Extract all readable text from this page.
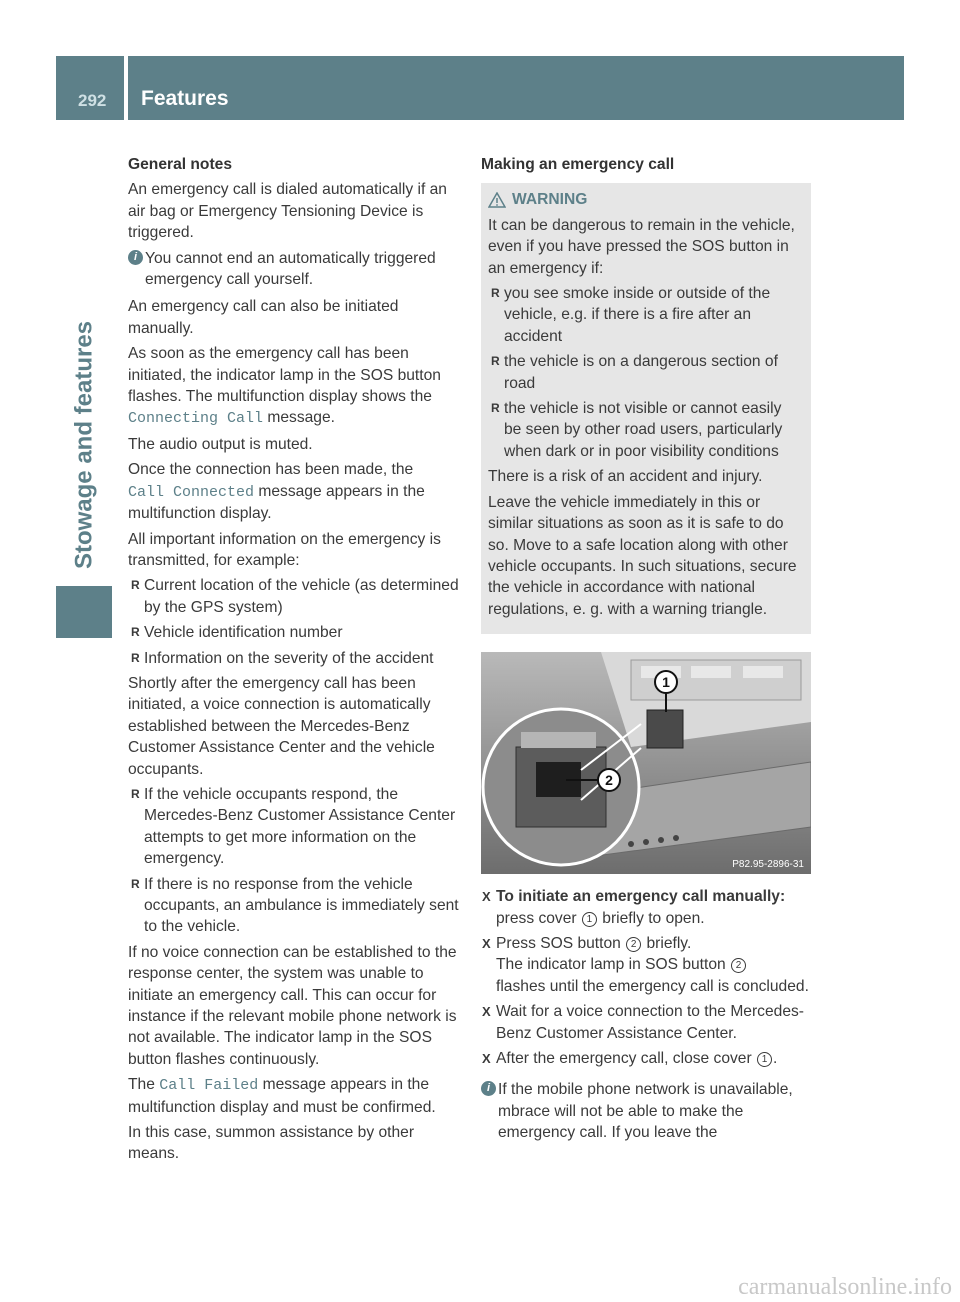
292 Features
Stowage and features
General notes

An emergency call is dialed automatically if an air bag or Emergency Tensioning Device is triggered.

i You cannot end an automatically triggered emergency call yourself.

An emergency call can also be initiated manually.

As soon as the emergency call has been initiated, the indicator lamp in the SOS button flashes. The multifunction display shows the Connecting Call message.

The audio output is muted.

Once the connection has been made, the
Call Connected message appears in the multifunction display.

All important information on the emergency is transmitted, for example:

R Current location of the vehicle (as determined by the GPS system)
R Vehicle identification number
R Information on the severity of the accident

Shortly after the emergency call has been initiated, a voice connection is automatically established between the Mercedes-Benz Customer Assistance Center and the vehicle occupants.

R If the vehicle occupants respond, the Mercedes-Benz Customer Assistance Center attempts to get more information on the emergency.
R If there is no response from the vehicle occupants, an ambulance is immediately sent to the vehicle.

If no voice connection can be established to the response center, the system was unable to initiate an emergency call. This can occur for instance if the relevant mobile phone network is not available. The indicator lamp in the SOS button flashes continuously.

The Call Failed message appears in the multifunction display and must be confirmed.

In this case, summon assistance by other means.

Making an emergency call
WARNING

It can be dangerous to remain in the vehicle, even if you have pressed the SOS button in an emergency if:

R you see smoke inside or outside of the vehicle, e.g. if there is a fire after an accident
R the vehicle is on a dangerous section of road
R the vehicle is not visible or cannot easily be seen by other road users, particularly when dark or in poor visibility conditions

There is a risk of an accident and injury.

Leave the vehicle immediately in this or similar situations as soon as it is safe to do so. Move to a safe location along with other vehicle occupants. In such situations, secure the vehicle in accordance with national regulations, e. g. with a warning triangle.

1
2
P82.95-2896-31
X To initiate an emergency call manually: press cover 1 briefly to open.
X Press SOS button 2 briefly.
The indicator lamp in SOS button 2
flashes until the emergency call is concluded.
X Wait for a voice connection to the Mercedes-Benz Customer Assistance Center.
X After the emergency call, close cover 1 .
i If the mobile phone network is unavailable, mbrace will not be able to make the emergency call. If you leave the
carmanualsonline.info
